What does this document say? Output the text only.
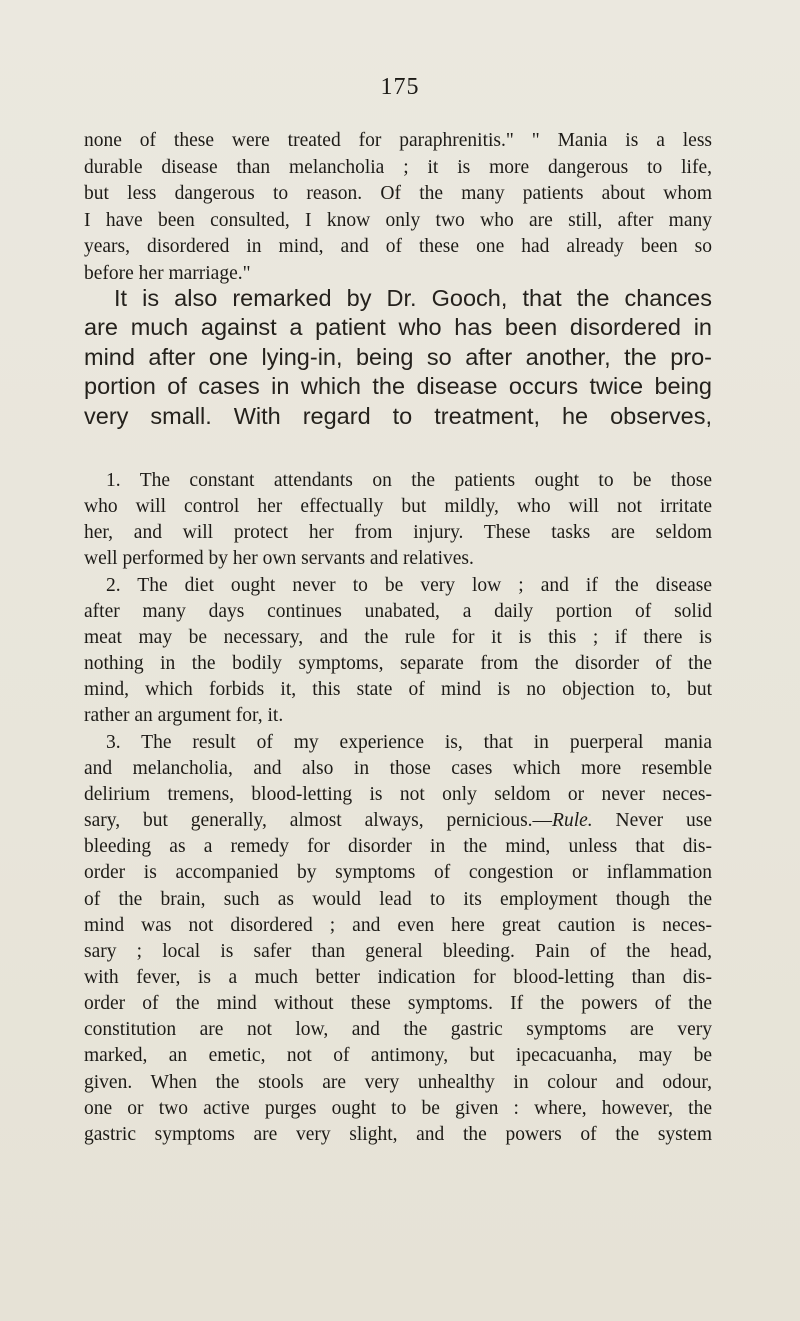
175
none of these were treated for paraphrenitis." " Mania is a less
durable disease than melancholia ; it is more dangerous to life,
but less dangerous to reason. Of the many patients about whom
I have been consulted, I know only two who are still, after many
years, disordered in mind, and of these one had already been so
before her marriage."
It is also remarked by Dr. Gooch, that the chances
are much against a patient who has been disordered in
mind after one lying-in, being so after another, the pro-
portion of cases in which the disease occurs twice being
very small. With regard to treatment, he observes,
1. The constant attendants on the patients ought to be those
who will control her effectually but mildly, who will not irritate
her, and will protect her from injury. These tasks are seldom
well performed by her own servants and relatives.
2. The diet ought never to be very low ; and if the disease
after many days continues unabated, a daily portion of solid
meat may be necessary, and the rule for it is this ; if there is
nothing in the bodily symptoms, separate from the disorder of the
mind, which forbids it, this state of mind is no objection to, but
rather an argument for, it.
3. The result of my experience is, that in puerperal mania
and melancholia, and also in those cases which more resemble
delirium tremens, blood-letting is not only seldom or never neces-
sary, but generally, almost always, pernicious.—Rule. Never use
bleeding as a remedy for disorder in the mind, unless that dis-
order is accompanied by symptoms of congestion or inflammation
of the brain, such as would lead to its employment though the
mind was not disordered ; and even here great caution is neces-
sary ; local is safer than general bleeding. Pain of the head,
with fever, is a much better indication for blood-letting than dis-
order of the mind without these symptoms. If the powers of the
constitution are not low, and the gastric symptoms are very
marked, an emetic, not of antimony, but ipecacuanha, may be
given. When the stools are very unhealthy in colour and odour,
one or two active purges ought to be given : where, however, the
gastric symptoms are very slight, and the powers of the system
